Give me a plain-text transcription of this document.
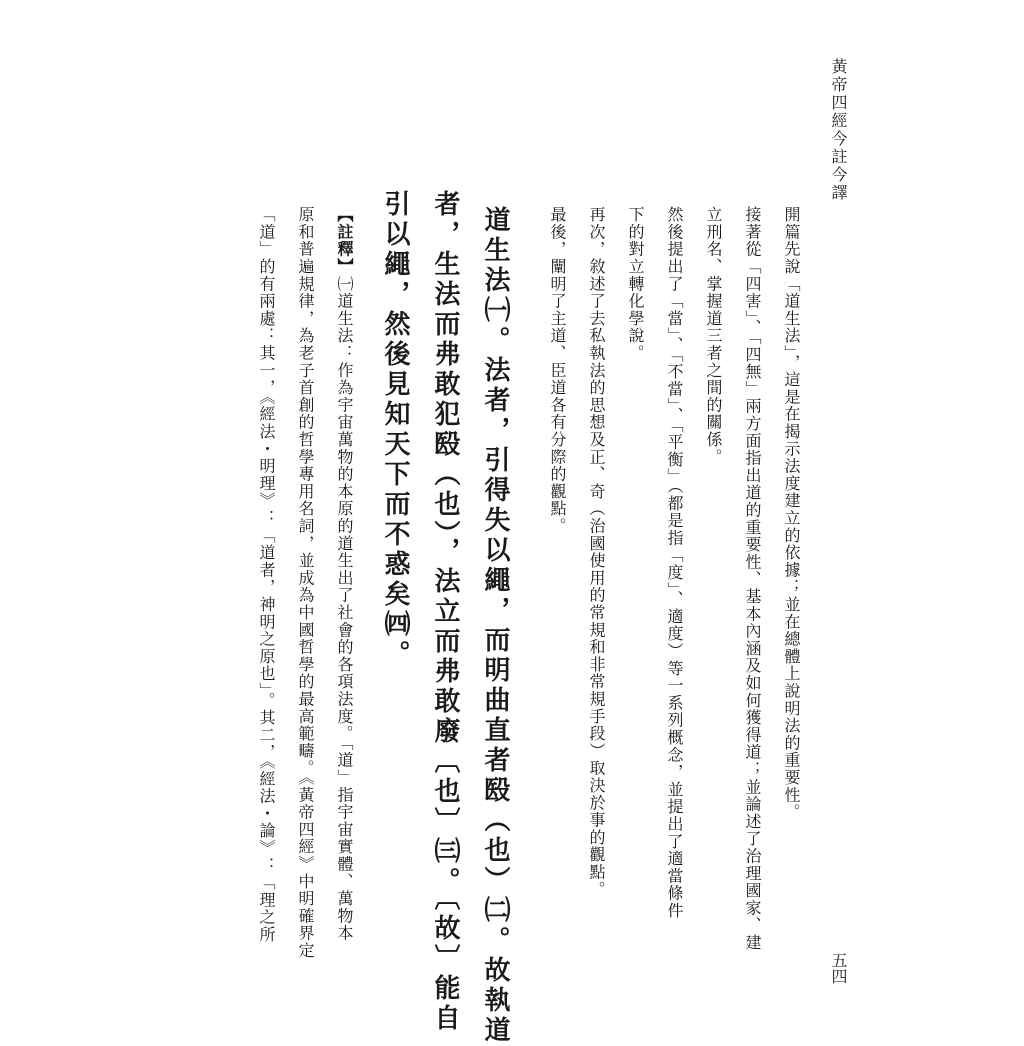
黃帝四經今註今譯

開篇先說「道生法」，這是在揭示法度建立的依據；並在總體上說明法的重要性。

接著從「四害」、「四無」兩方面指出道的重要性、基本內涵及如何獲得道；並論述了治理國家、建

立刑名、掌握道三者之間的關係。

然後提出了「當」、「不當」、「平衡」（都是指「度」、適度）等一系列概念，並提出了適當條件

下的對立轉化學說。

再次，敘述了去私執法的思想及正、奇（治國使用的常規和非常規手段）取決於事的觀點。

最後，闡明了主道、臣道各有分際的觀點。

道生法㈠。法者，引得失以繩，而明曲直者殹（也）㈡。故執道

者，生法而弗敢犯殹（也），法立而弗敢廢〔也〕㈢。〔故〕能自

引以繩，然後見知天下而不惑矣㈣。

【註釋】㈠道生法：作為宇宙萬物的本原的道生出了社會的各項法度。「道」指宇宙實體、萬物本

原和普遍規律，為老子首創的哲學專用名詞，並成為中國哲學的最高範疇。《黃帝四經》中明確界定

「道」的有兩處：其一，《經法・明理》：「道者，神明之原也」。其二，《經法・論》：「理之所

五四
